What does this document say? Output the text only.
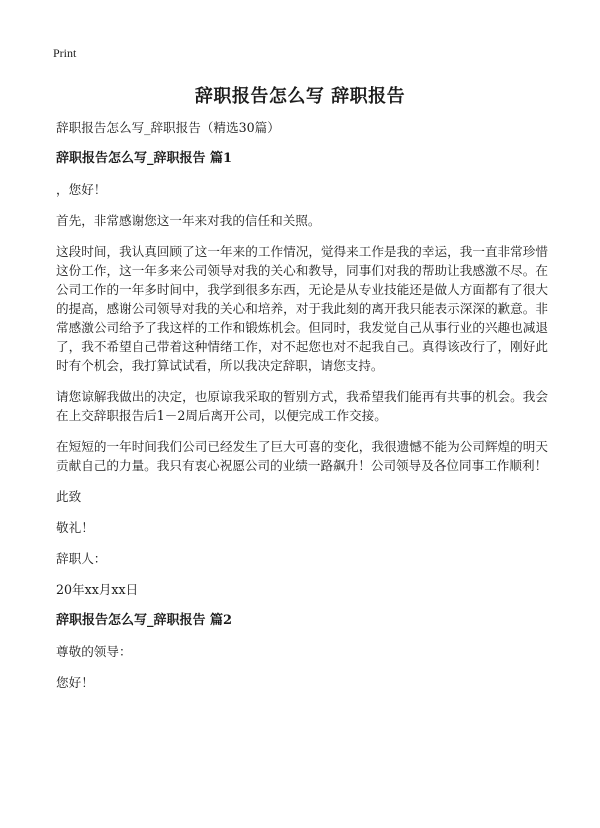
Print
辞职报告怎么写 辞职报告

辞职报告怎么写_辞职报告（精选30篇）

辞职报告怎么写_辞职报告 篇1

，您好！

首先，非常感谢您这一年来对我的信任和关照。

这段时间，我认真回顾了这一年来的工作情况，觉得来工作是我的幸运，我一直非常珍惜这份工作，这一年多来公司领导对我的关心和教导，同事们对我的帮助让我感激不尽。在公司工作的一年多时间中，我学到很多东西，无论是从专业技能还是做人方面都有了很大的提高，感谢公司领导对我的关心和培养，对于我此刻的离开我只能表示深深的歉意。非常感激公司给予了我这样的工作和锻炼机会。但同时，我发觉自己从事行业的兴趣也减退了，我不希望自己带着这种情绪工作，对不起您也对不起我自己。真得该改行了，刚好此时有个机会，我打算试试看，所以我决定辞职，请您支持。

请您谅解我做出的决定，也原谅我采取的暂别方式，我希望我们能再有共事的机会。我会在上交辞职报告后1－2周后离开公司，以便完成工作交接。

在短短的一年时间我们公司已经发生了巨大可喜的变化，我很遗憾不能为公司辉煌的明天贡献自己的力量。我只有衷心祝愿公司的业绩一路飙升！公司领导及各位同事工作顺利！

此致

敬礼！

辞职人：

20年xx月xx日

辞职报告怎么写_辞职报告 篇2

尊敬的领导：

您好！
